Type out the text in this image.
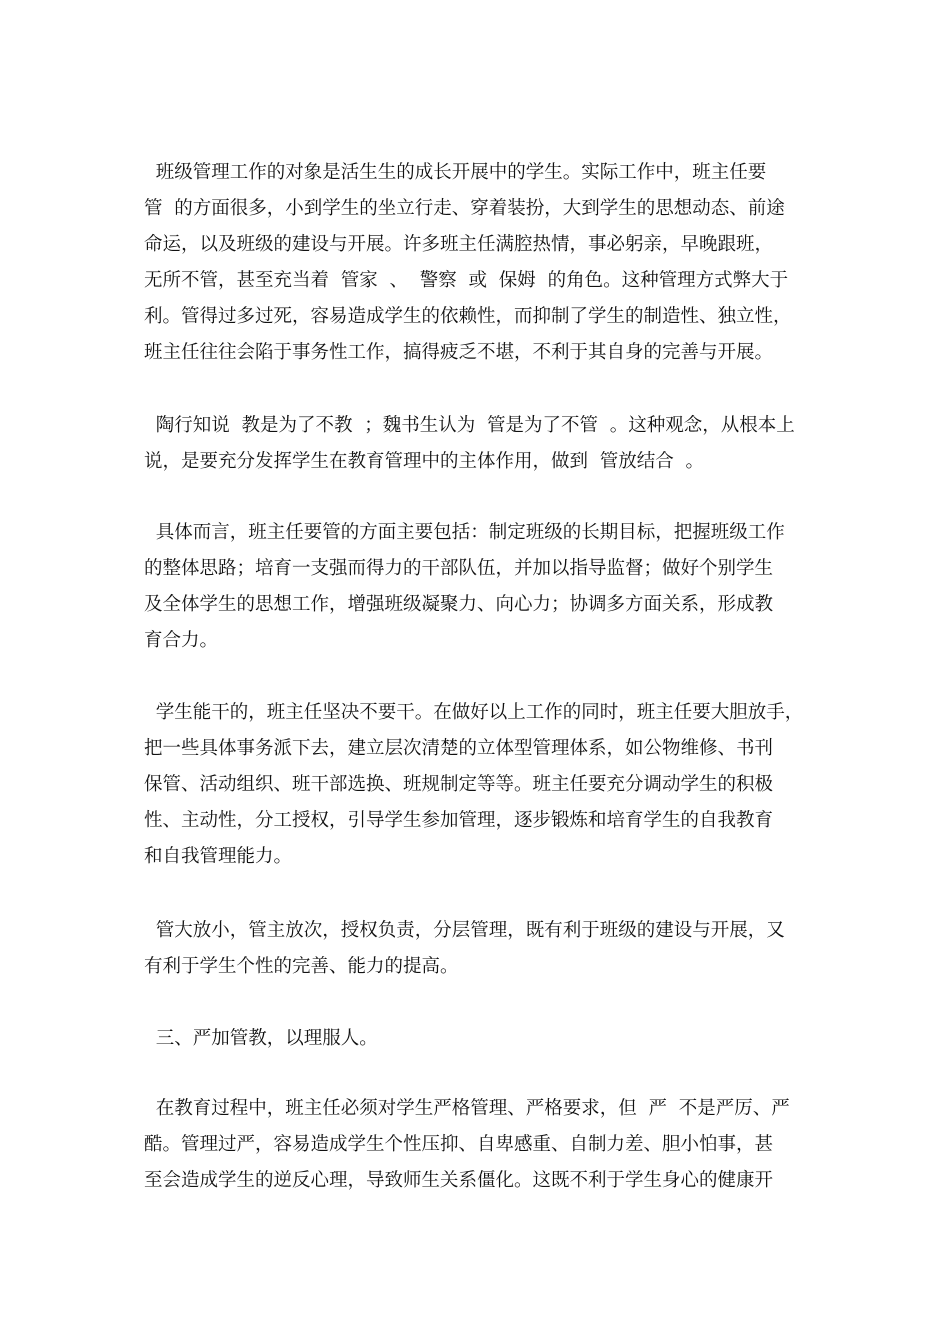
班级管理工作的对象是活生生的成长开展中的学生。实际工作中，班主任要
管  的方面很多，小到学生的坐立行走、穿着装扮，大到学生的思想动态、前途
命运，以及班级的建设与开展。许多班主任满腔热情，事必躬亲，早晚跟班，
无所不管，甚至充当着  管家  、  警察  或  保姆  的角色。这种管理方式弊大于
利。管得过多过死，容易造成学生的依赖性，而抑制了学生的制造性、独立性，
班主任往往会陷于事务性工作，搞得疲乏不堪，不利于其自身的完善与开展。
陶行知说  教是为了不教  ；魏书生认为  管是为了不管  。这种观念，从根本上
说，是要充分发挥学生在教育管理中的主体作用，做到  管放结合  。
具体而言，班主任要管的方面主要包括：制定班级的长期目标，把握班级工作
的整体思路；培育一支强而得力的干部队伍，并加以指导监督；做好个别学生
及全体学生的思想工作，增强班级凝聚力、向心力；协调多方面关系，形成教
育合力。
学生能干的，班主任坚决不要干。在做好以上工作的同时，班主任要大胆放手，
把一些具体事务派下去，建立层次清楚的立体型管理体系，如公物维修、书刊
保管、活动组织、班干部选换、班规制定等等。班主任要充分调动学生的积极
性、主动性，分工授权，引导学生参加管理，逐步锻炼和培育学生的自我教育
和自我管理能力。
管大放小，管主放次，授权负责，分层管理，既有利于班级的建设与开展，又
有利于学生个性的完善、能力的提高。
三、严加管教，以理服人。
在教育过程中，班主任必须对学生严格管理、严格要求，但  严  不是严厉、严
酷。管理过严，容易造成学生个性压抑、自卑感重、自制力差、胆小怕事，甚
至会造成学生的逆反心理，导致师生关系僵化。这既不利于学生身心的健康开
